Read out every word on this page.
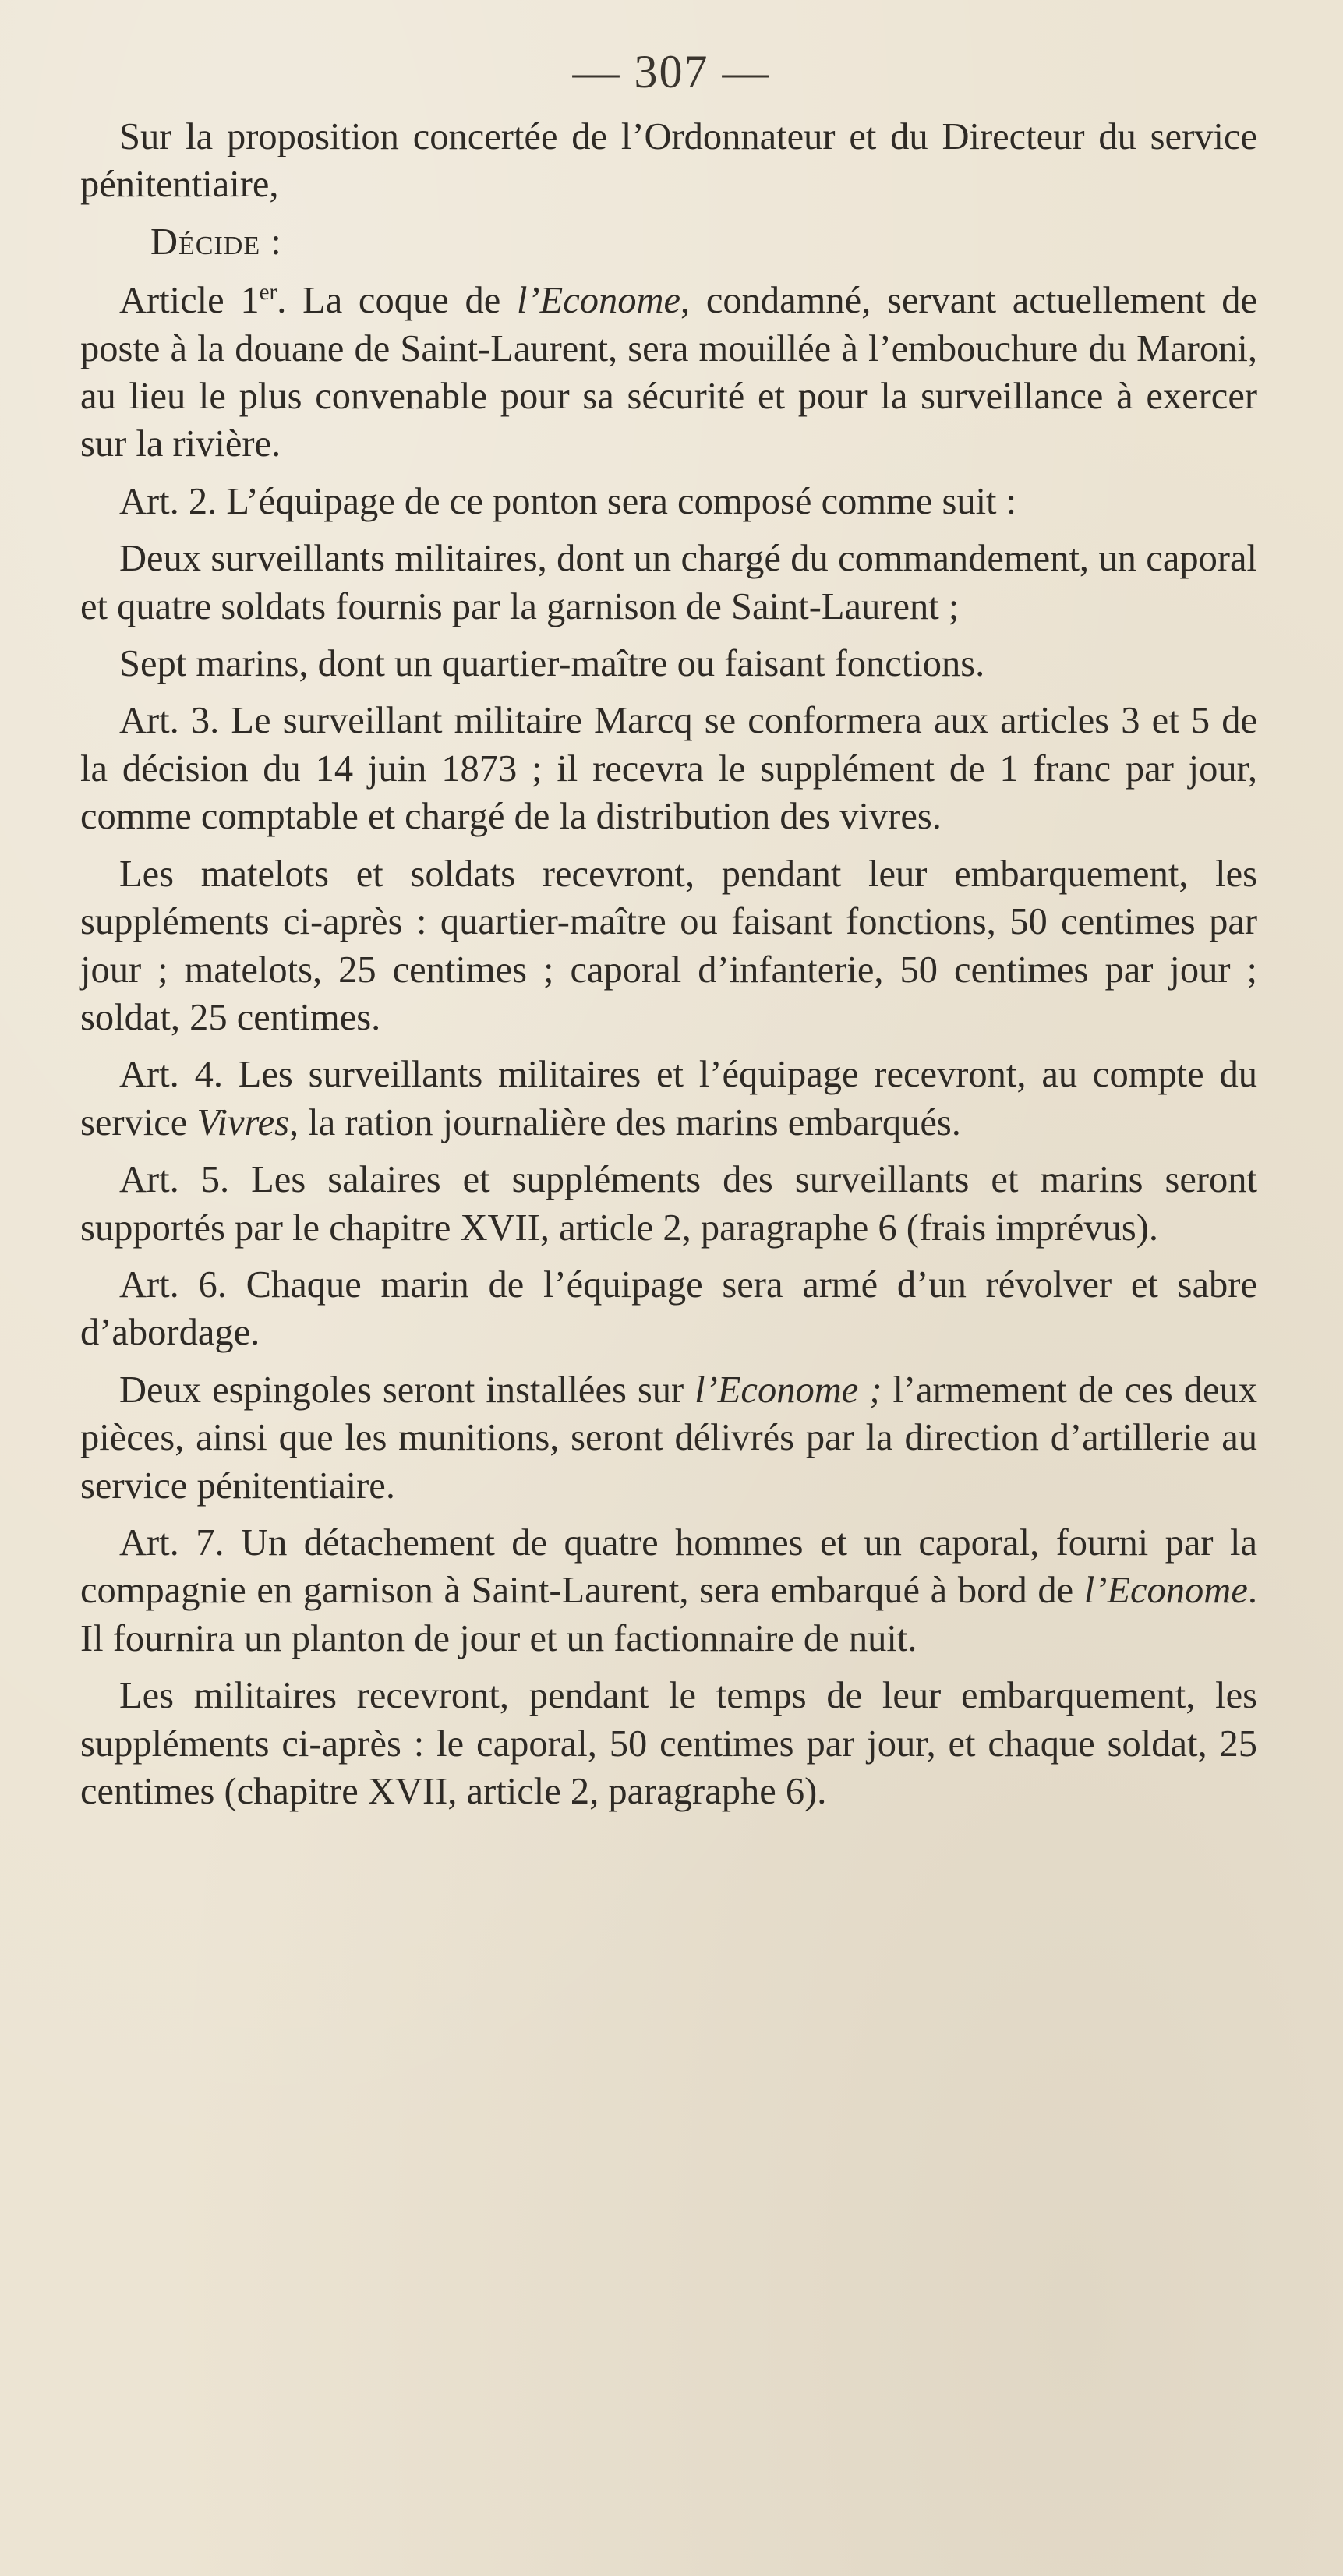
— 307 —

Sur la proposition concertée de l’Ordonnateur et du Directeur du service pénitentiaire,

Décide :

Article 1er. La coque de l’Econome, condamné, servant actuellement de poste à la douane de Saint-Laurent, sera mouillée à l’embouchure du Maroni, au lieu le plus convenable pour sa sécurité et pour la surveillance à exercer sur la rivière.

Art. 2. L’équipage de ce ponton sera composé comme suit :

Deux surveillants militaires, dont un chargé du commandement, un caporal et quatre soldats fournis par la garnison de Saint-Laurent ;

Sept marins, dont un quartier-maître ou faisant fonctions.

Art. 3. Le surveillant militaire Marcq se conformera aux articles 3 et 5 de la décision du 14 juin 1873 ; il recevra le supplément de 1 franc par jour, comme comptable et chargé de la distribution des vivres.

Les matelots et soldats recevront, pendant leur embarquement, les suppléments ci-après : quartier-maître ou faisant fonctions, 50 centimes par jour ; matelots, 25 centimes ; caporal d’infanterie, 50 centimes par jour ; soldat, 25 centimes.

Art. 4. Les surveillants militaires et l’équipage recevront, au compte du service Vivres, la ration journalière des marins embarqués.

Art. 5. Les salaires et suppléments des surveillants et marins seront supportés par le chapitre XVII, article 2, paragraphe 6 (frais imprévus).

Art. 6. Chaque marin de l’équipage sera armé d’un révolver et sabre d’abordage.

Deux espingoles seront installées sur l’Econome ; l’armement de ces deux pièces, ainsi que les munitions, seront délivrés par la direction d’artillerie au service pénitentiaire.

Art. 7. Un détachement de quatre hommes et un caporal, fourni par la compagnie en garnison à Saint-Laurent, sera embarqué à bord de l’Econome. Il fournira un planton de jour et un factionnaire de nuit.

Les militaires recevront, pendant le temps de leur embarquement, les suppléments ci-après : le caporal, 50 centimes par jour, et chaque soldat, 25 centimes (chapitre XVII, article 2, paragraphe 6).
